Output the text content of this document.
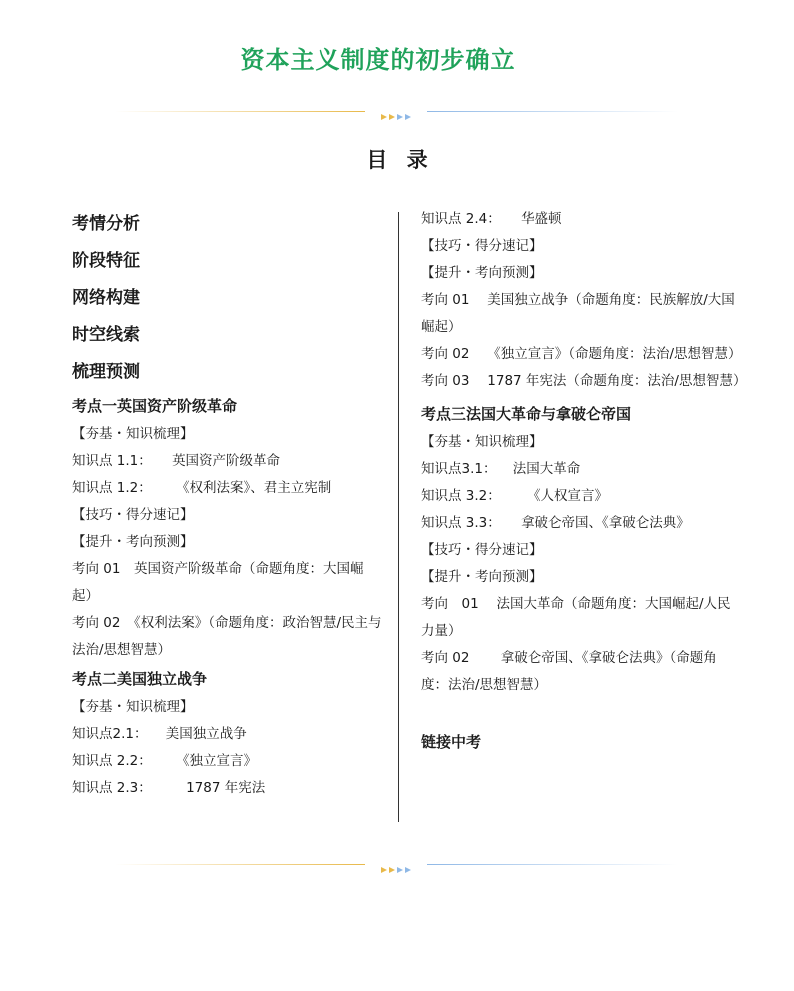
资本主义制度的初步确立
目 录
考情分析
阶段特征
网络构建
时空线索
梳理预测
考点一英国资产阶级革命
【夯基・知识梳理】
知识点 1.1： 英国资产阶级革命
知识点 1.2： 《权利法案》、君主立宪制
【技巧・得分速记】
【提升・考向预测】
考向 01　英国资产阶级革命（命题角度：大国崛起）
考向 02　《权利法案》（命题角度：政治智慧/民主与法治/思想智慧）
考点二美国独立战争
【夯基・知识梳理】
知识点2.1： 美国独立战争
知识点 2.2： 《独立宣言》
知识点 2.3：	1787 年宪法
知识点 2.4： 华盛顿
【技巧・得分速记】
【提升・考向预测】
考向 01　 美国独立战争（命题角度：民族解放/大国崛起）
考向 02　 《独立宣言》（命题角度：法治/思想智慧）
考向 03　 1787 年宪法（命题角度：法治/思想智慧）
考点三法国大革命与拿破仑帝国
【夯基・知识梳理】
知识点3.1： 法国大革命
知识点 3.2： 《人权宣言》
知识点 3.3： 拿破仑帝国、《拿破仑法典》
【技巧・得分速记】
【提升・考向预测】
考向　01　 法国大革命（命题角度：大国崛起/人民力量）
考向 02　　 拿破仑帝国、《拿破仑法典》（命题角度：法治/思想智慧）
链接中考
